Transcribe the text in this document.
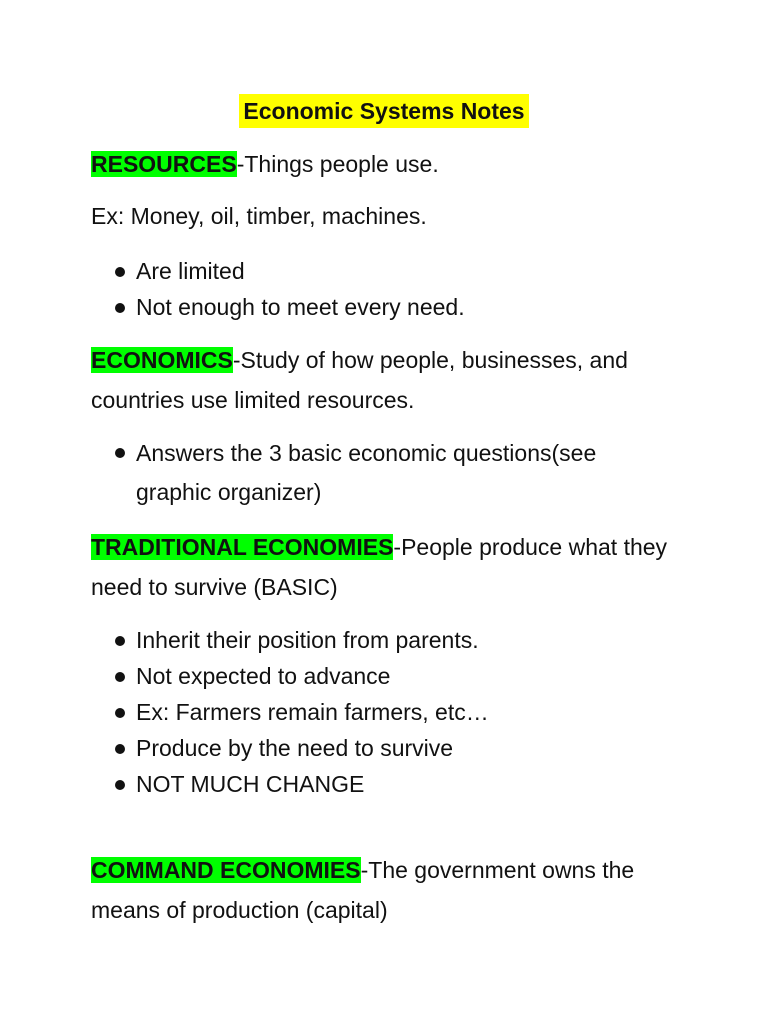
Economic Systems Notes

RESOURCES-Things people use.

Ex: Money, oil, timber, machines.

Are limited
Not enough to meet every need.

ECONOMICS-Study of how people, businesses, and countries use limited resources.

Answers the 3 basic economic questions(see graphic organizer)

TRADITIONAL ECONOMIES-People produce what they need to survive (BASIC)

Inherit their position from parents.
Not expected to advance
Ex: Farmers remain farmers, etc…
Produce by the need to survive
NOT MUCH CHANGE

COMMAND ECONOMIES-The government owns the means of production (capital)
